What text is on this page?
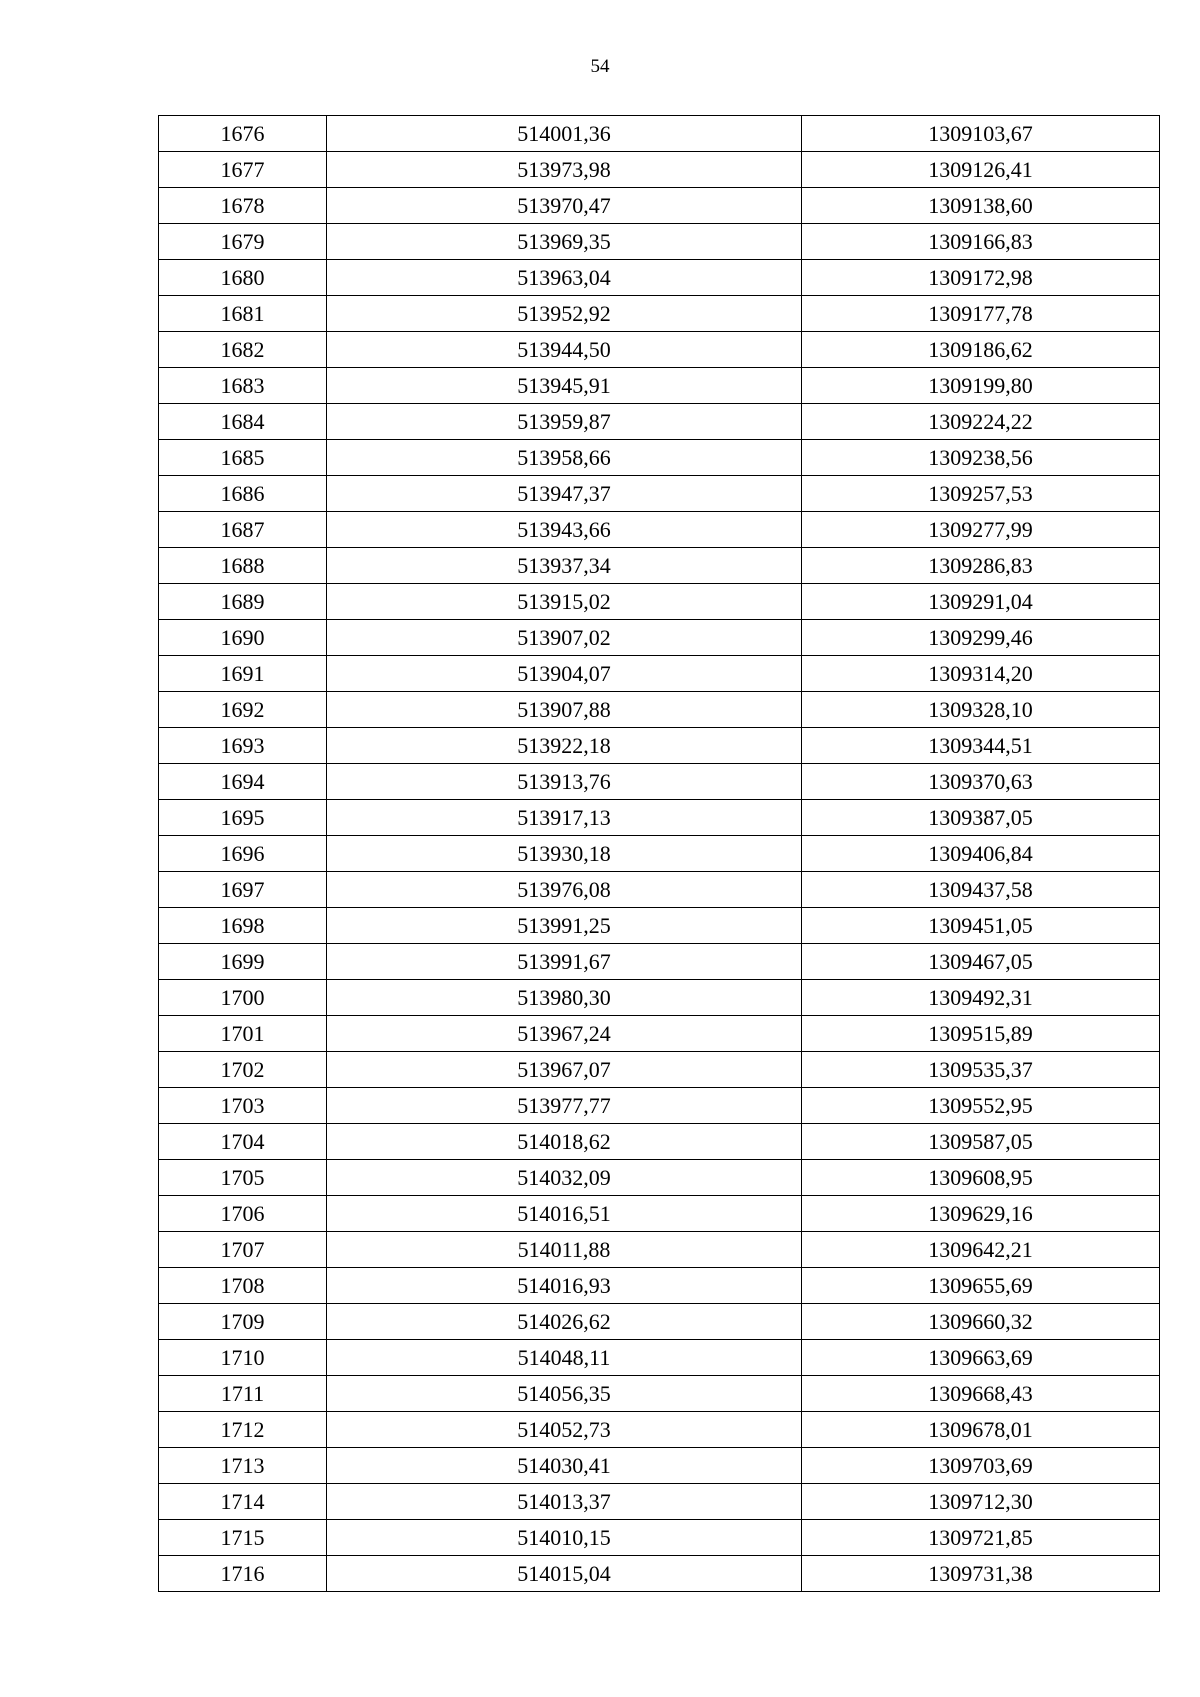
54
1676	514001,36	1309103,67
1677	513973,98	1309126,41
1678	513970,47	1309138,60
1679	513969,35	1309166,83
1680	513963,04	1309172,98
1681	513952,92	1309177,78
1682	513944,50	1309186,62
1683	513945,91	1309199,80
1684	513959,87	1309224,22
1685	513958,66	1309238,56
1686	513947,37	1309257,53
1687	513943,66	1309277,99
1688	513937,34	1309286,83
1689	513915,02	1309291,04
1690	513907,02	1309299,46
1691	513904,07	1309314,20
1692	513907,88	1309328,10
1693	513922,18	1309344,51
1694	513913,76	1309370,63
1695	513917,13	1309387,05
1696	513930,18	1309406,84
1697	513976,08	1309437,58
1698	513991,25	1309451,05
1699	513991,67	1309467,05
1700	513980,30	1309492,31
1701	513967,24	1309515,89
1702	513967,07	1309535,37
1703	513977,77	1309552,95
1704	514018,62	1309587,05
1705	514032,09	1309608,95
1706	514016,51	1309629,16
1707	514011,88	1309642,21
1708	514016,93	1309655,69
1709	514026,62	1309660,32
1710	514048,11	1309663,69
1711	514056,35	1309668,43
1712	514052,73	1309678,01
1713	514030,41	1309703,69
1714	514013,37	1309712,30
1715	514010,15	1309721,85
1716	514015,04	1309731,38
